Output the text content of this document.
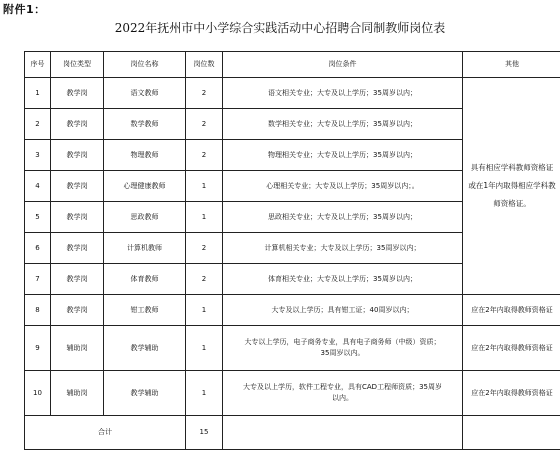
附件1：
2022年抚州市中小学综合实践活动中心招聘合同制教师岗位表
序号	岗位类型	岗位名称	岗位数	岗位条件	其他
1	教学岗	语文教师	2	语文相关专业；大专及以上学历；35周岁以内；	具有相应学科教师资格证或在1年内取得相应学科教师资格证。
2	教学岗	数学教师	2	数学相关专业；大专及以上学历；35周岁以内；	
3	教学岗	物理教师	2	物理相关专业；大专及以上学历；35周岁以内；	
4	教学岗	心理健康教师	1	心理相关专业；大专及以上学历；35周岁以内；。	
5	教学岗	思政教师	1	思政相关专业；大专及以上学历；35周岁以内；	
6	教学岗	计算机教师	2	计算机相关专业；大专及以上学历；35周岁以内；	
7	教学岗	体育教师	2	体育相关专业；大专及以上学历；35周岁以内；	
8	教学岗	钳工教师	1	大专及以上学历；具有钳工证；40周岁以内；	应在2年内取得教师资格证
9	辅助岗	教学辅助	1	大专以上学历，电子商务专业，具有电子商务师（中级）资质；35周岁以内。	应在2年内取得教师资格证
10	辅助岗	教学辅助	1	大专及以上学历，软件工程专业，具有CAD工程师资质；35周岁以内。	应在2年内取得教师资格证
合计			15		
